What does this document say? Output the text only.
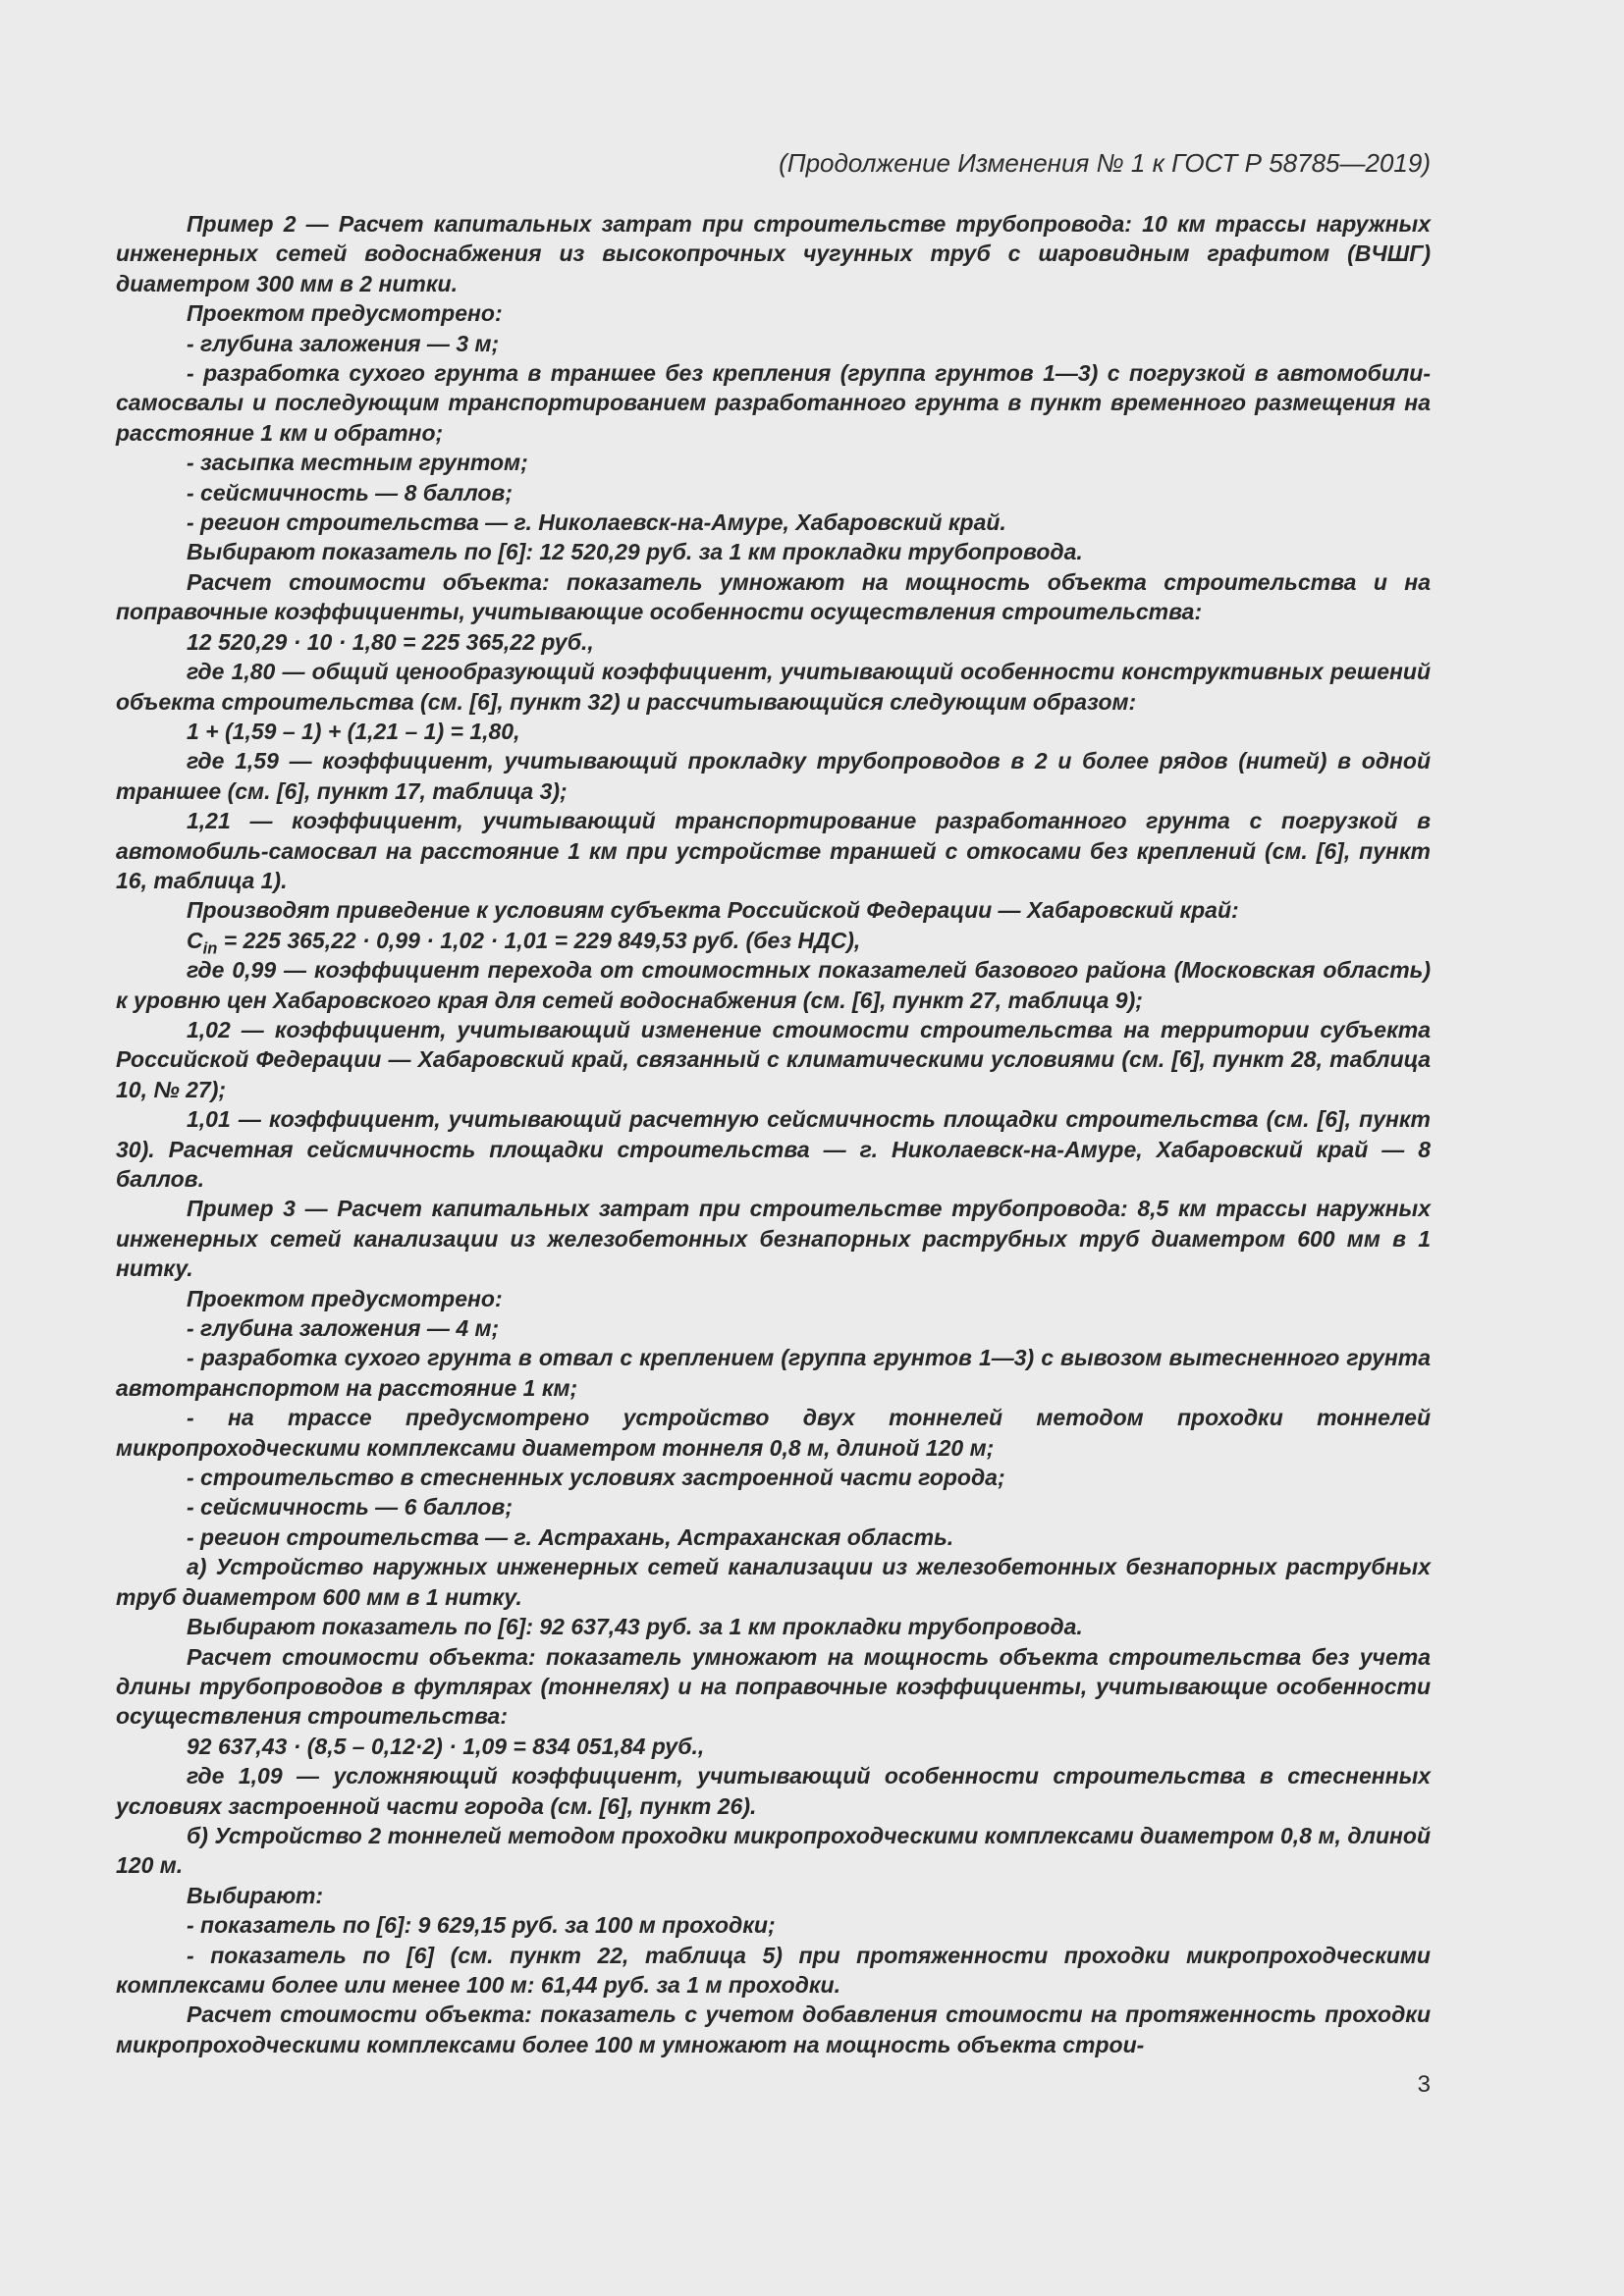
(Продолжение Изменения № 1 к ГОСТ Р 58785—2019)

Пример 2 — Расчет капитальных затрат при строительстве трубопровода: 10 км трассы наружных инженерных сетей водоснабжения из высокопрочных чугунных труб с шаровидным графитом (ВЧШГ) диаметром 300 мм в 2 нитки.

Проектом предусмотрено:

- глубина заложения — 3 м;

- разработка сухого грунта в траншее без крепления (группа грунтов 1—3) с погрузкой в автомобили-самосвалы и последующим транспортированием разработанного грунта в пункт временного размещения на расстояние 1 км и обратно;

- засыпка местным грунтом;

- сейсмичность — 8 баллов;

- регион строительства — г. Николаевск-на-Амуре, Хабаровский край.

Выбирают показатель по [6]: 12 520,29 руб. за 1 км прокладки трубопровода.

Расчет стоимости объекта: показатель умножают на мощность объекта строительства и на поправочные коэффициенты, учитывающие особенности осуществления строительства:

12 520,29 · 10 · 1,80 = 225 365,22 руб.,

где 1,80 — общий ценообразующий коэффициент, учитывающий особенности конструктивных решений объекта строительства (см. [6], пункт 32) и рассчитывающийся следующим образом:

1 + (1,59 – 1) + (1,21 – 1) = 1,80,

где 1,59 — коэффициент, учитывающий прокладку трубопроводов в 2 и более рядов (нитей) в одной траншее (см. [6], пункт 17, таблица 3);

1,21 — коэффициент, учитывающий транспортирование разработанного грунта с погрузкой в автомобиль-самосвал на расстояние 1 км при устройстве траншей с откосами без креплений (см. [6], пункт 16, таблица 1).

Производят приведение к условиям субъекта Российской Федерации — Хабаровский край:

$С_{in} = 225$ 365,22 · 0,99 · 1,02 · 1,01 = 229 849,53 руб. (без НДС),

где 0,99 — коэффициент перехода от стоимостных показателей базового района (Московская область) к уровню цен Хабаровского края для сетей водоснабжения (см. [6], пункт 27, таблица 9);

1,02 — коэффициент, учитывающий изменение стоимости строительства на территории субъекта Российской Федерации — Хабаровский край, связанный с климатическими условиями (см. [6], пункт 28, таблица 10, № 27);

1,01 — коэффициент, учитывающий расчетную сейсмичность площадки строительства (см. [6], пункт 30). Расчетная сейсмичность площадки строительства — г. Николаевск-на-Амуре, Хабаровский край — 8 баллов.

Пример 3 — Расчет капитальных затрат при строительстве трубопровода: 8,5 км трассы наружных инженерных сетей канализации из железобетонных безнапорных раструбных труб диаметром 600 мм в 1 нитку.

Проектом предусмотрено:

- глубина заложения — 4 м;

- разработка сухого грунта в отвал с креплением (группа грунтов 1—3) с вывозом вытесненного грунта автотранспортом на расстояние 1 км;

- на трассе предусмотрено устройство двух тоннелей методом проходки тоннелей микропроходческими комплексами диаметром тоннеля 0,8 м, длиной 120 м;

- строительство в стесненных условиях застроенной части города;

- сейсмичность — 6 баллов;

- регион строительства — г. Астрахань, Астраханская область.

а) Устройство наружных инженерных сетей канализации из железобетонных безнапорных раструбных труб диаметром 600 мм в 1 нитку.

Выбирают показатель по [6]: 92 637,43 руб. за 1 км прокладки трубопровода.

Расчет стоимости объекта: показатель умножают на мощность объекта строительства без учета длины трубопроводов в футлярах (тоннелях) и на поправочные коэффициенты, учитывающие особенности осуществления строительства:

92 637,43 · (8,5 – 0,12·2) · 1,09 = 834 051,84 руб.,

где 1,09 — усложняющий коэффициент, учитывающий особенности строительства в стесненных условиях застроенной части города (см. [6], пункт 26).

б) Устройство 2 тоннелей методом проходки микропроходческими комплексами диаметром 0,8 м, длиной 120 м.

Выбирают:

- показатель по [6]: 9 629,15 руб. за 100 м проходки;

- показатель по [6] (см. пункт 22, таблица 5) при протяженности проходки микропроходческими комплексами более или менее 100 м: 61,44 руб. за 1 м проходки.

Расчет стоимости объекта: показатель с учетом добавления стоимости на протяженность проходки микропроходческими комплексами более 100 м умножают на мощность объекта строи-

3
